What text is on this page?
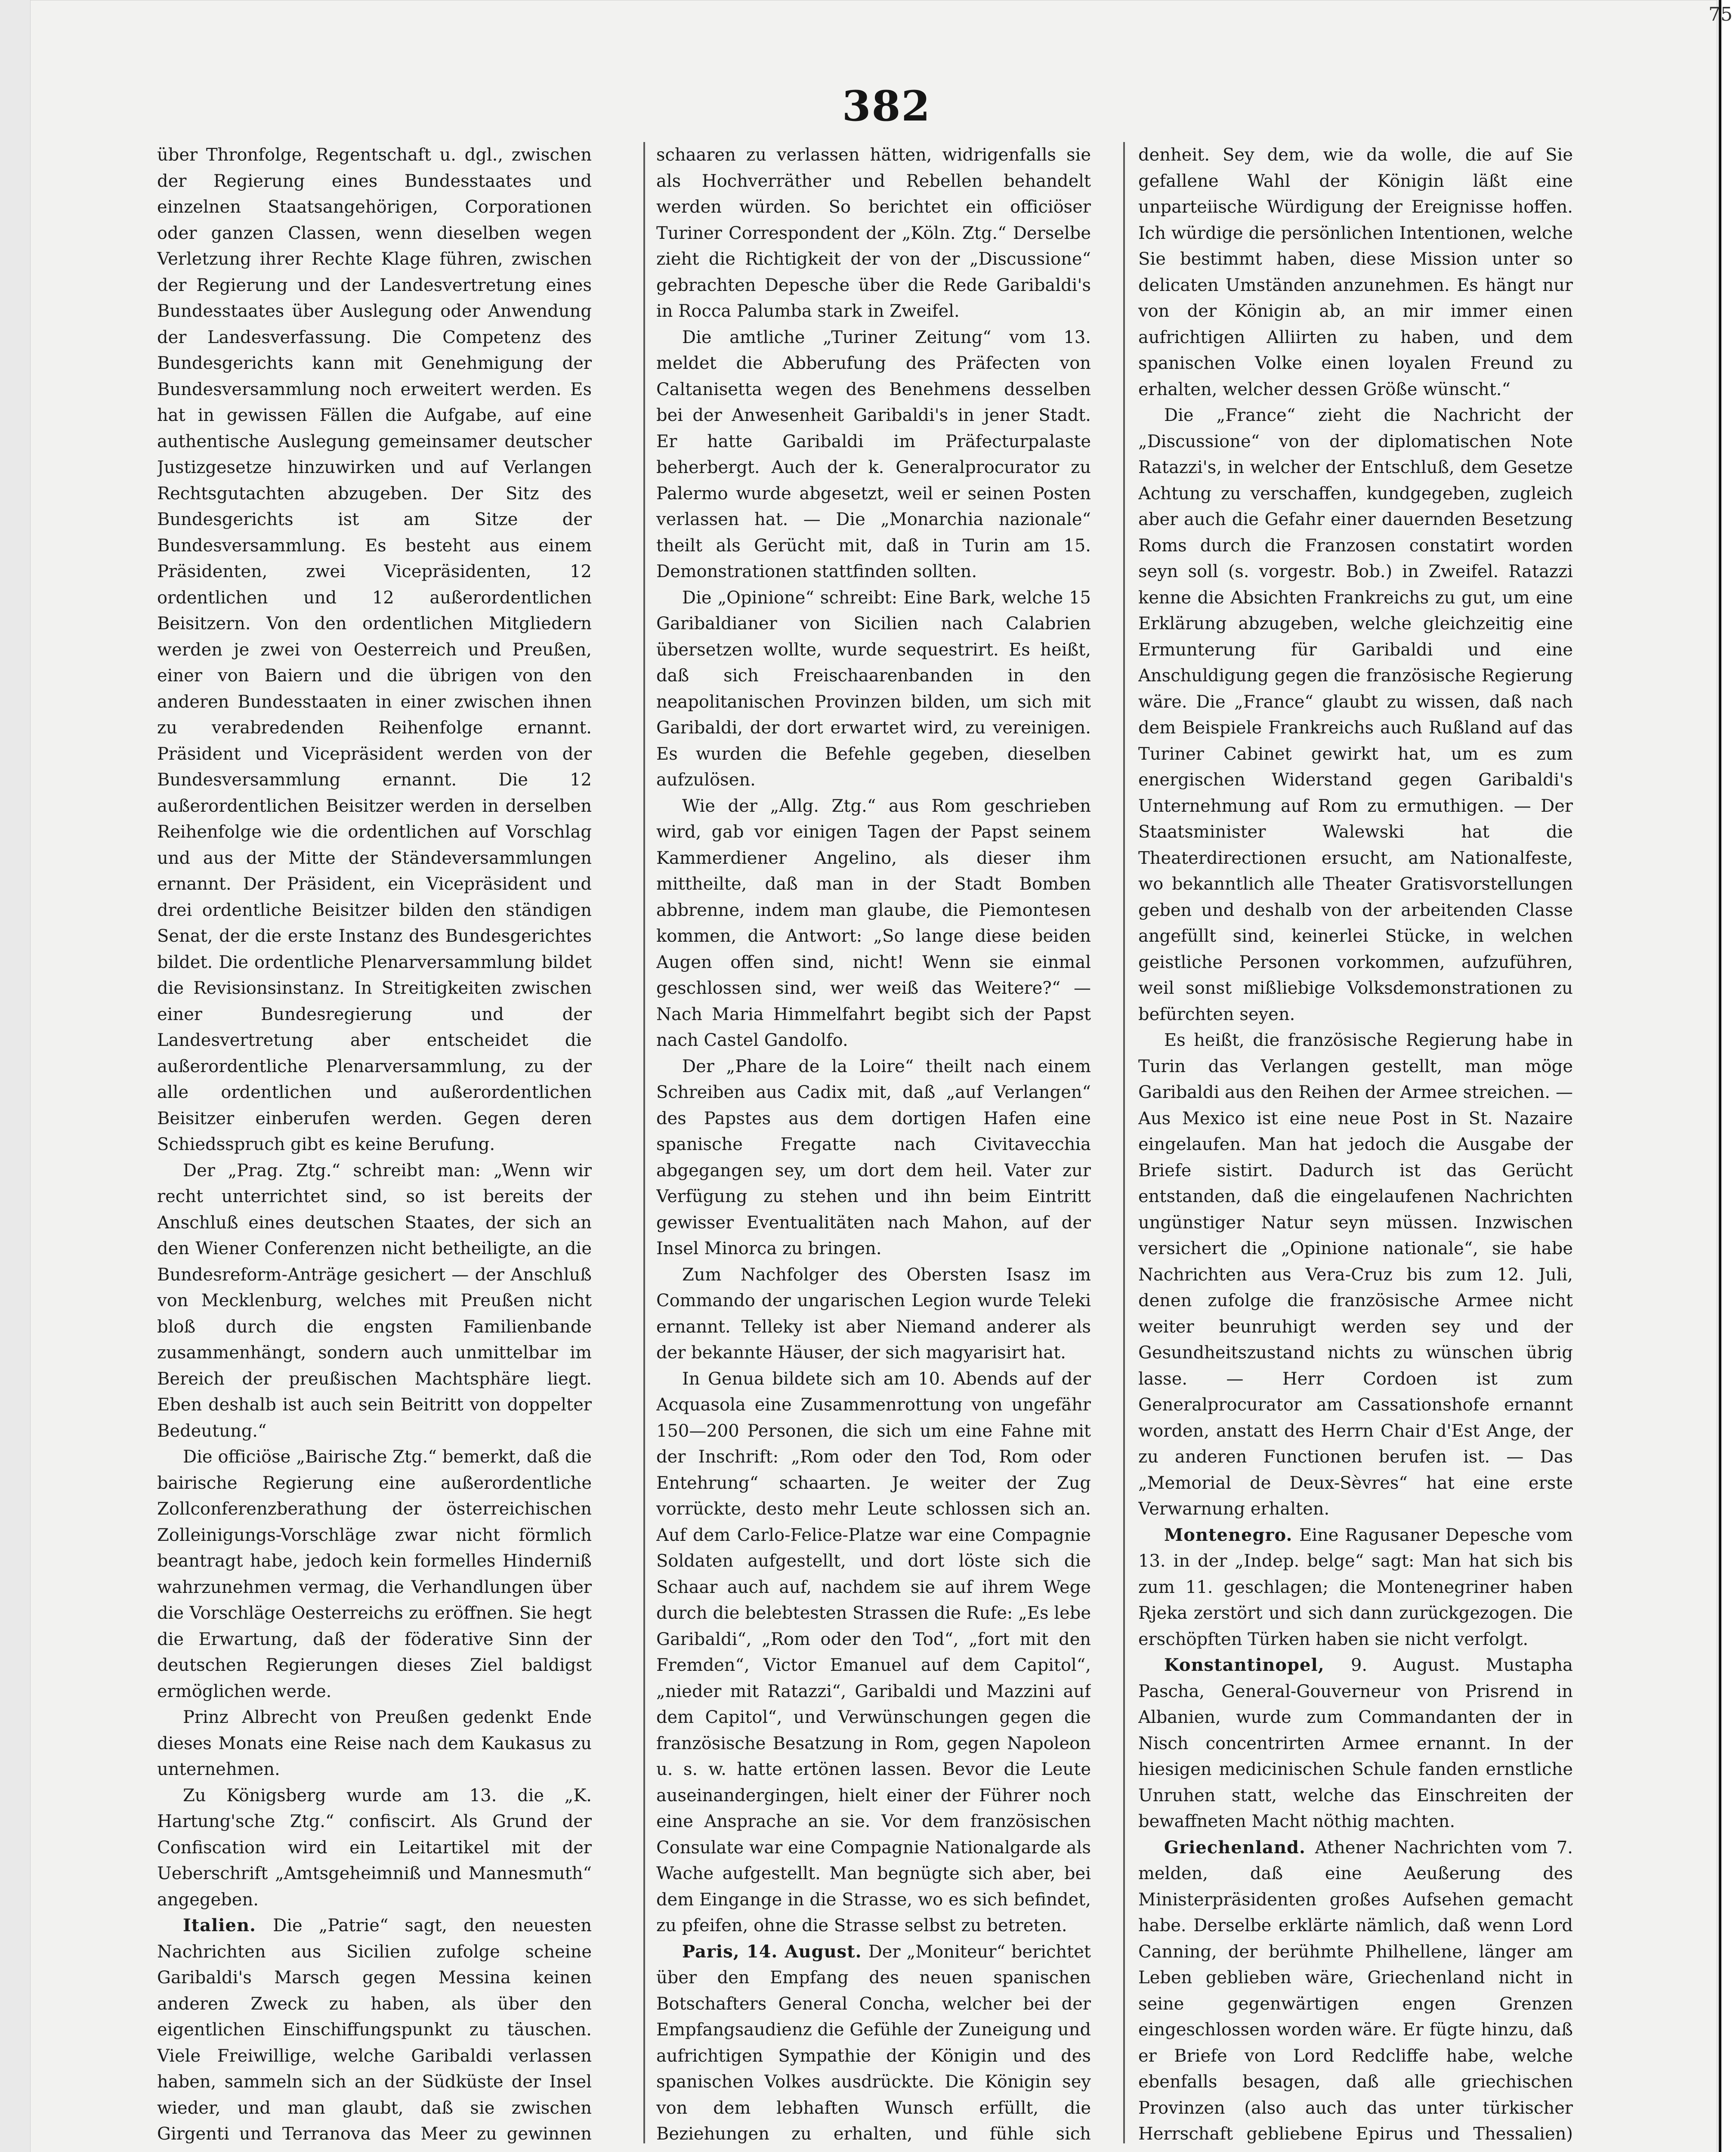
75
382

über Thronfolge, Regentschaft u. dgl., zwischen der Regierung eines Bundesstaates und einzelnen Staatsangehörigen, Corporationen oder ganzen Classen, wenn dieselben wegen Verletzung ihrer Rechte Klage führen, zwischen der Regierung und der Landesvertretung eines Bundesstaates über Auslegung oder Anwendung der Landesverfassung. Die Competenz des Bundesgerichts kann mit Genehmigung der Bundesversammlung noch erweitert werden. Es hat in gewissen Fällen die Aufgabe, auf eine authentische Auslegung gemeinsamer deutscher Justizgesetze hinzuwirken und auf Verlangen Rechtsgutachten abzugeben. Der Sitz des Bundesgerichts ist am Sitze der Bundesversammlung. Es besteht aus einem Präsidenten, zwei Vicepräsidenten, 12 ordentlichen und 12 außerordentlichen Beisitzern. Von den ordentlichen Mitgliedern werden je zwei von Oesterreich und Preußen, einer von Baiern und die übrigen von den anderen Bundesstaaten in einer zwischen ihnen zu verabredenden Reihenfolge ernannt. Präsident und Vicepräsident werden von der Bundesversammlung ernannt. Die 12 außerordentlichen Beisitzer werden in derselben Reihenfolge wie die ordentlichen auf Vorschlag und aus der Mitte der Ständeversammlungen ernannt. Der Präsident, ein Vicepräsident und drei ordentliche Beisitzer bilden den ständigen Senat, der die erste Instanz des Bundesgerichtes bildet. Die ordentliche Plenarversammlung bildet die Revisionsinstanz. In Streitigkeiten zwischen einer Bundesregierung und der Landesvertretung aber entscheidet die außerordentliche Plenarversammlung, zu der alle ordentlichen und außerordentlichen Beisitzer einberufen werden. Gegen deren Schiedsspruch gibt es keine Berufung.

Der „Prag. Ztg.“ schreibt man: „Wenn wir recht unterrichtet sind, so ist bereits der Anschluß eines deutschen Staates, der sich an den Wiener Conferenzen nicht betheiligte, an die Bundesreform-Anträge gesichert — der Anschluß von Mecklenburg, welches mit Preußen nicht bloß durch die engsten Familienbande zusammenhängt, sondern auch unmittelbar im Bereich der preußischen Machtsphäre liegt. Eben deshalb ist auch sein Beitritt von doppelter Bedeutung.“

Die officiöse „Bairische Ztg.“ bemerkt, daß die bairische Regierung eine außerordentliche Zollconferenzberathung der österreichischen Zolleinigungs-Vorschläge zwar nicht förmlich beantragt habe, jedoch kein formelles Hinderniß wahrzunehmen vermag, die Verhandlungen über die Vorschläge Oesterreichs zu eröffnen. Sie hegt die Erwartung, daß der föderative Sinn der deutschen Regierungen dieses Ziel baldigst ermöglichen werde.

Prinz Albrecht von Preußen gedenkt Ende dieses Monats eine Reise nach dem Kaukasus zu unternehmen.

Zu Königsberg wurde am 13. die „K. Hartung'sche Ztg.“ confiscirt. Als Grund der Confiscation wird ein Leitartikel mit der Ueberschrift „Amtsgeheimniß und Mannesmuth“ angegeben.

Italien. Die „Patrie“ sagt, den neuesten Nachrichten aus Sicilien zufolge scheine Garibaldi's Marsch gegen Messina keinen anderen Zweck zu haben, als über den eigentlichen Einschiffungspunkt zu täuschen. Viele Freiwillige, welche Garibaldi verlassen haben, sammeln sich an der Südküste der Insel wieder, und man glaubt, daß sie zwischen Girgenti und Terranova das Meer zu gewinnen

schaaren zu verlassen hätten, widrigenfalls sie als Hochverräther und Rebellen behandelt werden würden. So berichtet ein officiöser Turiner Correspondent der „Köln. Ztg.“ Derselbe zieht die Richtigkeit der von der „Discussione“ gebrachten Depesche über die Rede Garibaldi's in Rocca Palumba stark in Zweifel.

Die amtliche „Turiner Zeitung“ vom 13. meldet die Abberufung des Präfecten von Caltanisetta wegen des Benehmens desselben bei der Anwesenheit Garibaldi's in jener Stadt. Er hatte Garibaldi im Präfecturpalaste beherbergt. Auch der k. Generalprocurator zu Palermo wurde abgesetzt, weil er seinen Posten verlassen hat. — Die „Monarchia nazionale“ theilt als Gerücht mit, daß in Turin am 15. Demonstrationen stattfinden sollten.

Die „Opinione“ schreibt: Eine Bark, welche 15 Garibaldianer von Sicilien nach Calabrien übersetzen wollte, wurde sequestrirt. Es heißt, daß sich Freischaarenbanden in den neapolitanischen Provinzen bilden, um sich mit Garibaldi, der dort erwartet wird, zu vereinigen. Es wurden die Befehle gegeben, dieselben aufzulösen.

Wie der „Allg. Ztg.“ aus Rom geschrieben wird, gab vor einigen Tagen der Papst seinem Kammerdiener Angelino, als dieser ihm mittheilte, daß man in der Stadt Bomben abbrenne, indem man glaube, die Piemontesen kommen, die Antwort: „So lange diese beiden Augen offen sind, nicht! Wenn sie einmal geschlossen sind, wer weiß das Weitere?“ — Nach Maria Himmelfahrt begibt sich der Papst nach Castel Gandolfo.

Der „Phare de la Loire“ theilt nach einem Schreiben aus Cadix mit, daß „auf Verlangen“ des Papstes aus dem dortigen Hafen eine spanische Fregatte nach Civitavecchia abgegangen sey, um dort dem heil. Vater zur Verfügung zu stehen und ihn beim Eintritt gewisser Eventualitäten nach Mahon, auf der Insel Minorca zu bringen.

Zum Nachfolger des Obersten Isasz im Commando der ungarischen Legion wurde Teleki ernannt. Telleky ist aber Niemand anderer als der bekannte Häuser, der sich magyarisirt hat.

In Genua bildete sich am 10. Abends auf der Acquasola eine Zusammenrottung von ungefähr 150—200 Personen, die sich um eine Fahne mit der Inschrift: „Rom oder den Tod, Rom oder Entehrung“ schaarten. Je weiter der Zug vorrückte, desto mehr Leute schlossen sich an. Auf dem Carlo-Felice-Platze war eine Compagnie Soldaten aufgestellt, und dort löste sich die Schaar auch auf, nachdem sie auf ihrem Wege durch die belebtesten Strassen die Rufe: „Es lebe Garibaldi“, „Rom oder den Tod“, „fort mit den Fremden“, Victor Emanuel auf dem Capitol“, „nieder mit Ratazzi“, Garibaldi und Mazzini auf dem Capitol“, und Verwünschungen gegen die französische Besatzung in Rom, gegen Napoleon u. s. w. hatte ertönen lassen. Bevor die Leute auseinandergingen, hielt einer der Führer noch eine Ansprache an sie. Vor dem französischen Consulate war eine Compagnie Nationalgarde als Wache aufgestellt. Man begnügte sich aber, bei dem Eingange in die Strasse, wo es sich befindet, zu pfeifen, ohne die Strasse selbst zu betreten.

Paris, 14. August. Der „Moniteur“ berichtet über den Empfang des neuen spanischen Botschafters General Concha, welcher bei der Empfangsaudienz die Gefühle der Zuneigung und aufrichtigen Sympathie der Königin und des spanischen Volkes ausdrückte. Die Königin sey von dem lebhaften Wunsch erfüllt, die Beziehungen zu erhalten, und fühle sich

denheit. Sey dem, wie da wolle, die auf Sie gefallene Wahl der Königin läßt eine unparteiische Würdigung der Ereignisse hoffen. Ich würdige die persönlichen Intentionen, welche Sie bestimmt haben, diese Mission unter so delicaten Umständen anzunehmen. Es hängt nur von der Königin ab, an mir immer einen aufrichtigen Alliirten zu haben, und dem spanischen Volke einen loyalen Freund zu erhalten, welcher dessen Größe wünscht.“

Die „France“ zieht die Nachricht der „Discussione“ von der diplomatischen Note Ratazzi's, in welcher der Entschluß, dem Gesetze Achtung zu verschaffen, kundgegeben, zugleich aber auch die Gefahr einer dauernden Besetzung Roms durch die Franzosen constatirt worden seyn soll (s. vorgestr. Bob.) in Zweifel. Ratazzi kenne die Absichten Frankreichs zu gut, um eine Erklärung abzugeben, welche gleichzeitig eine Ermunterung für Garibaldi und eine Anschuldigung gegen die französische Regierung wäre. Die „France“ glaubt zu wissen, daß nach dem Beispiele Frankreichs auch Rußland auf das Turiner Cabinet gewirkt hat, um es zum energischen Widerstand gegen Garibaldi's Unternehmung auf Rom zu ermuthigen. — Der Staatsminister Walewski hat die Theaterdirectionen ersucht, am Nationalfeste, wo bekanntlich alle Theater Gratisvorstellungen geben und deshalb von der arbeitenden Classe angefüllt sind, keinerlei Stücke, in welchen geistliche Personen vorkommen, aufzuführen, weil sonst mißliebige Volksdemonstrationen zu befürchten seyen.

Es heißt, die französische Regierung habe in Turin das Verlangen gestellt, man möge Garibaldi aus den Reihen der Armee streichen. — Aus Mexico ist eine neue Post in St. Nazaire eingelaufen. Man hat jedoch die Ausgabe der Briefe sistirt. Dadurch ist das Gerücht entstanden, daß die eingelaufenen Nachrichten ungünstiger Natur seyn müssen. Inzwischen versichert die „Opinione nationale“, sie habe Nachrichten aus Vera-Cruz bis zum 12. Juli, denen zufolge die französische Armee nicht weiter beunruhigt werden sey und der Gesundheitszustand nichts zu wünschen übrig lasse. — Herr Cordoen ist zum Generalprocurator am Cassationshofe ernannt worden, anstatt des Herrn Chair d'Est Ange, der zu anderen Functionen berufen ist. — Das „Memorial de Deux-Sèvres“ hat eine erste Verwarnung erhalten.

Montenegro. Eine Ragusaner Depesche vom 13. in der „Indep. belge“ sagt: Man hat sich bis zum 11. geschlagen; die Montenegriner haben Rjeka zerstört und sich dann zurückgezogen. Die erschöpften Türken haben sie nicht verfolgt.

Konstantinopel, 9. August. Mustapha Pascha, General-Gouverneur von Prisrend in Albanien, wurde zum Commandanten der in Nisch concentrirten Armee ernannt. In der hiesigen medicinischen Schule fanden ernstliche Unruhen statt, welche das Einschreiten der bewaffneten Macht nöthig machten.

Griechenland. Athener Nachrichten vom 7. melden, daß eine Aeußerung des Ministerpräsidenten großes Aufsehen gemacht habe. Derselbe erklärte nämlich, daß wenn Lord Canning, der berühmte Philhellene, länger am Leben geblieben wäre, Griechenland nicht in seine gegenwärtigen engen Grenzen eingeschlossen worden wäre. Er fügte hinzu, daß er Briefe von Lord Redcliffe habe, welche ebenfalls besagen, daß alle griechischen Provinzen (also auch das unter türkischer Herrschaft gebliebene Epirus und Thessalien)
